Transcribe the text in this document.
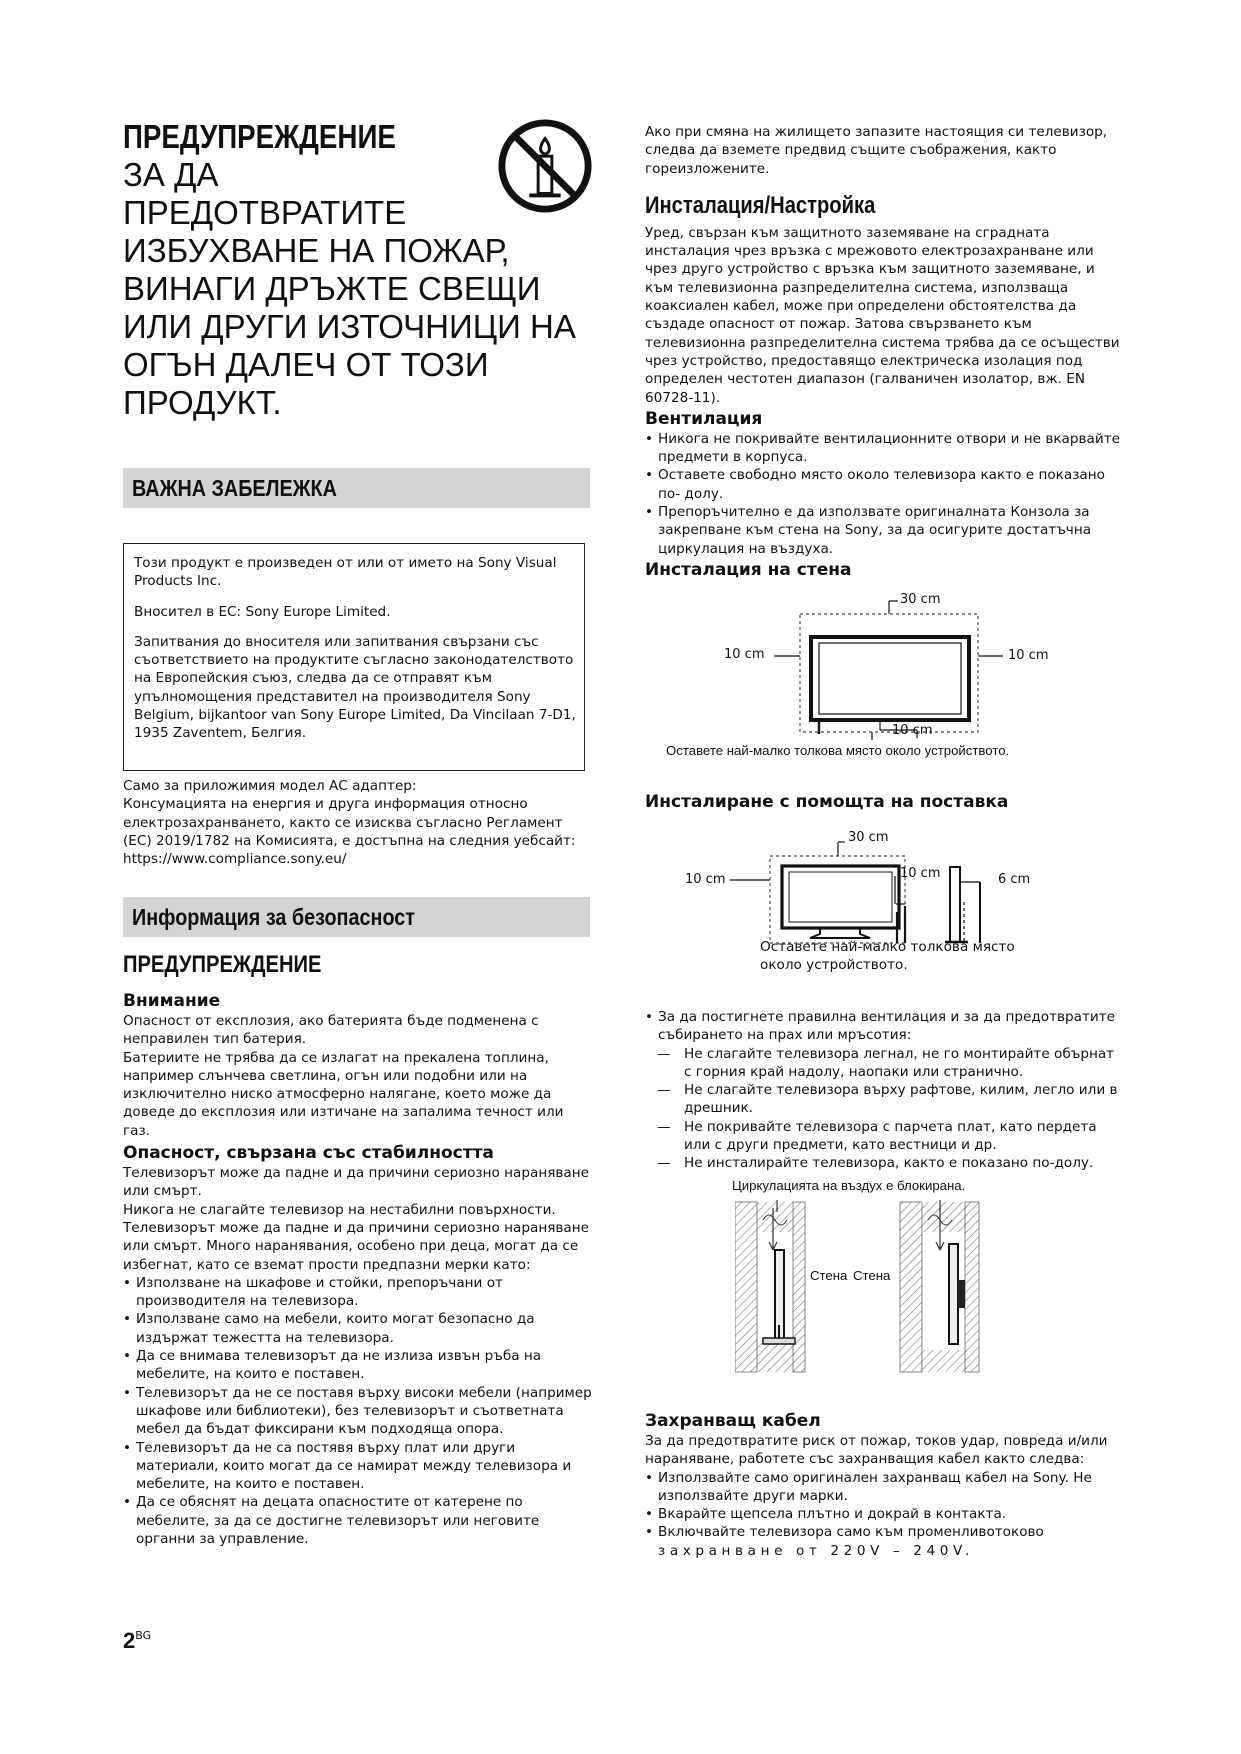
ПРЕДУПРЕЖДЕНИЕ
ЗА ДА
ПРЕДОТВРАТИТЕ
ИЗБУХВАНЕ НА ПОЖАР,
ВИНАГИ ДРЪЖТЕ СВЕЩИ
ИЛИ ДРУГИ ИЗТОЧНИЦИ НА
ОГЪН ДАЛЕЧ ОТ ТОЗИ
ПРОДУКТ.
ВАЖНА ЗАБЕЛЕЖКА

Този продукт е произведен от или от името на Sony Visual Products Inc.

Вносител в ЕС: Sony Europe Limited.

Запитвания до вносителя или запитвания свързани със съответствието на продуктите съгласно законодателството на Европейския съюз, следва да се отправят към упълномощения представител на производителя Sony Belgium, bijkantoor van Sony Europe Limited, Da Vincilaan 7-D1, 1935 Zaventem, Белгия.

Само за приложимия модел АС адаптер:
Консумацията на енергия и друга информация относно
електрозахранването, както се изисква съгласно Регламент
(ЕС) 2019/1782 на Комисията, е достъпна на следния уебсайт:
https://www.compliance.sony.eu/
Информация за безопасност
ПРЕДУПРЕЖДЕНИЕ

Внимание

Опасност от експлозия, ако батерията бъде подменена с неправилен тип батерия.

Батериите не трябва да се излагат на прекалена топлина, например слънчева светлина, огън или подобни или на изключително ниско атмосферно налягане, което може да доведе до експлозия или изтичане на запалима течност или газ.

Опасност, свързана със стабилността

Телевизорът може да падне и да причини сериозно нараняване или смърт.

Никога не слагайте телевизор на нестабилни повърхности. Телевизорът може да падне и да причини сериозно нараняване или смърт. Много наранявания, особено при деца, могат да се избегнат, като се вземат прости предпазни мерки като:

• Използване на шкафове и стойки, препоръчани от производителя на телевизора.
• Използване само на мебели, които могат безопасно да издържат тежестта на телевизора.
• Да се внимава телевизорът да не излиза извън ръба на мебелите, на които е поставен.
• Телевизорът да не се поставя върху високи мебели (например шкафове или библиотеки), без телевизорът и съответната мебел да бъдат фиксирани към подходяща опора.
• Телевизорът да не са постявя върху плат или други материали, които могат да се намират между телевизора и мебелите, на които е поставен.
• Да се обяснят на децата опасностите от катерене по мебелите, за да се достигне телевизорът или неговите органни за управление.

Ако при смяна на жилището запазите настоящия си телевизор, следва да вземете предвид същите съображения, както гореизложените.

Инсталация/Настройка

Уред, свързан към защитното заземяване на сградната инсталация чрез връзка с мрежовото електрозахранване или чрез друго устройство с връзка към защитното заземяване, и към телевизионна разпределителна система, използваща коаксиален кабел, може при определени обстоятелства да създаде опасност от пожар. Затова свързването към телевизионна разпределителна система трябва да се осъществи чрез устройство, предоставящо електрическа изолация под определен честотен диапазон (галваничен изолатор, вж. EN 60728-11).

Вентилация

• Никога не покривайте вентилационните отвори и не вкарвайте предмети в корпуса.
• Оставете свободно място около телевизора както е показано по- долу.
• Препоръчително е да използвате оригиналната Конзола за закрепване към стена на Sony, за да осигурите достатъчна циркулация на въздуха.

Инсталация на стена

30 cm
10 cm	10 cm
10 cm
Оставете най-малко толкова място около устройството.
Инсталиране с помощта на поставка
30 cm
10 cm	10 cm	6 cm
Оставете най-малко толкова място около устройството.
• За да постигнете правилна вентилация и за да предотвратите събирането на прах или мръсотия:
— Не слагайте телевизора легнал, не го монтирайте обърнат с горния край надолу, наопаки или странично.
— Не слагайте телевизора върху рафтове, килим, легло или в дрешник.
— Не покривайте телевизора с парчета плат, като пердета или с други предмети, като вестници и др.
— Не инсталирайте телевизора, както е показано по-долу.
Циркулацията на въздух е блокирана.
Стена Стена

Захранващ кабел

За да предотвратите риск от пожар, токов удар, повреда и/или нараняване, работете със захранващия кабел както следва:

• Използвайте само оригинален захранващ кабел на Sony. Не използвайте други марки.
• Вкарайте щепсела плътно и докрай в контакта.
• Включвайте телевизора само към променливотоково
захранване от 220V – 240V.
$2^{BG}$
